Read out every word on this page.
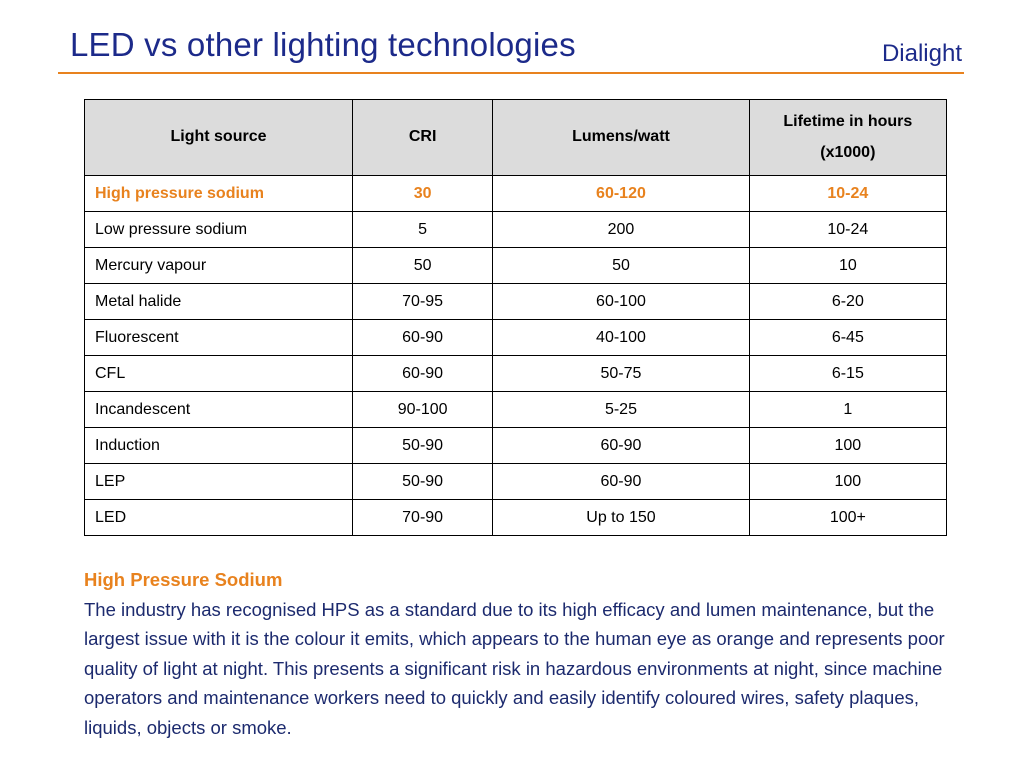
LED vs other lighting technologies	Dialight
Light source	CRI	Lumens/watt	Lifetime in hours
(x1000)

High pressure sodium	30	60-120	10-24
Low pressure sodium	5	200	10-24
Mercury vapour	50	50	10
Metal halide	70-95	60-100	6-20
Fluorescent	60-90	40-100	6-45
CFL	60-90	50-75	6-15
Incandescent	90-100	5-25	1
Induction	50-90	60-90	100
LEP	50-90	60-90	100
LED	70-90	Up to 150	100+
High Pressure Sodium
The industry has recognised HPS as a standard due to its high efficacy and lumen maintenance, but the largest issue with it is the colour it emits, which appears to the human eye as orange and represents poor quality of light at night. This presents a significant risk in hazardous environments at night, since machine operators and maintenance workers need to quickly and easily identify coloured wires, safety plaques, liquids, objects or smoke.
